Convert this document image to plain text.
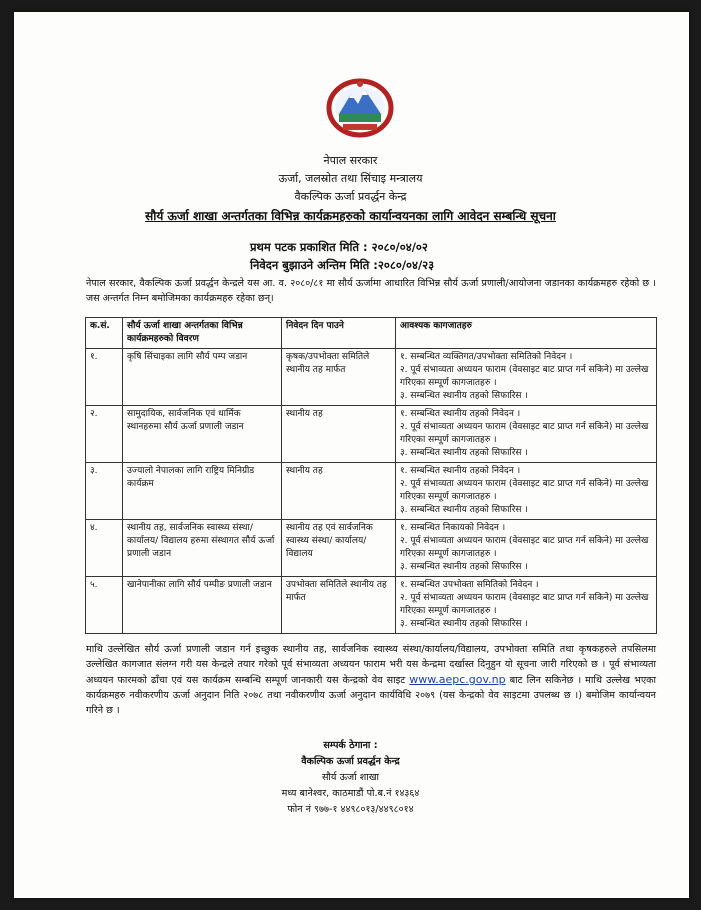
नेपाल सरकार
ऊर्जा, जलस्रोत तथा सिंचाइ मन्त्रालय
वैकल्पिक ऊर्जा प्रवर्द्धन केन्द्र
सौर्य ऊर्जा शाखा अन्तर्गतका विभिन्न कार्यक्रमहरुको कार्यान्वयनका लागि आवेदन सम्बन्धि सूचना
प्रथम पटक प्रकाशित मिति : २०८०/०४/०२
निवेदन बुझाउने अन्तिम मिति :२०८०/०४/२३
नेपाल सरकार, वैकल्पिक ऊर्जा प्रवर्द्धन केन्द्रले यस आ. व. २०८०/८१ मा सौर्य ऊर्जामा आधारित विभिन्न सौर्य ऊर्जा प्रणाली/आयोजना जडानका कार्यक्रमहरु रहेको छ । जस अन्तर्गत निम्न बमोजिमका कार्यक्रमहरु रहेका छन्।
क.सं.	सौर्य ऊर्जा शाखा अन्तर्गतका विभिन्न कार्यक्रमहरुको विवरण	निवेदन दिन पाउने	आवश्यक कागजातहरु
१.	कृषि सिंचाइका लागि सौर्य पम्प जडान	कृषक/उपभोक्ता समितिले स्थानीय तह मार्फत	१. सम्बन्धित व्यक्तिगत/उपभोक्ता समितिको निवेदन ।
२. पूर्व संभाव्यता अध्ययन फाराम (वेवसाइट बाट प्राप्त गर्न सकिने) मा उल्लेख गरिएका सम्पूर्ण कागजातहरु ।
३. सम्बन्धित स्थानीय तहको सिफारिस ।

२.	सामुदायिक, सार्वजनिक एवं धार्मिक स्थानहरुमा सौर्य ऊर्जा प्रणाली जडान	स्थानीय तह	१. सम्बन्धित स्थानीय तहको निवेदन ।
२. पूर्व संभाव्यता अध्ययन फाराम (वेवसाइट बाट प्राप्त गर्न सकिने) मा उल्लेख गरिएका सम्पूर्ण कागजातहरु ।
३. सम्बन्धित स्थानीय तहको सिफारिस ।

३.	उज्यालो नेपालका लागि राष्ट्रिय मिनिग्रीड कार्यक्रम	स्थानीय तह	१. सम्बन्धित स्थानीय तहको निवेदन ।
२. पूर्व संभाव्यता अध्ययन फाराम (वेवसाइट बाट प्राप्त गर्न सकिने) मा उल्लेख गरिएका सम्पूर्ण कागजातहरु ।
३. सम्बन्धित स्थानीय तहको सिफारिस ।

४.	स्थानीय तह, सार्वजनिक स्वास्थ्य संस्था/ कार्यालय/ विद्यालय हरुमा संस्थागत सौर्य ऊर्जा प्रणाली जडान	स्थानीय तह एवं सार्वजनिक स्वास्थ्य संस्था/ कार्यालय/विद्यालय	१. सम्बन्धित निकायको निवेदन ।
२. पूर्व संभाव्यता अध्ययन फाराम (वेवसाइट बाट प्राप्त गर्न सकिने) मा उल्लेख गरिएका सम्पूर्ण कागजातहरु ।
३. सम्बन्धित स्थानीय तहको सिफारिस ।

५.	खानेपानीका लागि सौर्य पम्पीङ प्रणाली जडान	उपभोक्ता समितिले स्थानीय तह मार्फत	१. सम्बन्धित उपभोक्ता समितिको निवेदन ।
२. पूर्व संभाव्यता अध्ययन फाराम (वेवसाइट बाट प्राप्त गर्न सकिने) मा उल्लेख गरिएका सम्पूर्ण कागजातहरु ।
३. सम्बन्धित स्थानीय तहको सिफारिस ।
माथि उल्लेखित सौर्य ऊर्जा प्रणाली जडान गर्न इच्छुक स्थानीय तह, सार्वजनिक स्वास्थ्य संस्था/कार्यालय/विद्यालय, उपभोक्ता समिति तथा कृषकहरुले तपसिलमा उल्लेखित कागजात संलग्न गरी यस केन्द्रले तयार गरेको पूर्व संभाव्यता अध्ययन फाराम भरी यस केन्द्रमा दर्खास्त दिनुहुन यो सूचना जारी गरिएको छ । पूर्व संभाव्यता अध्ययन फारमको ढाँचा एवं यस कार्यक्रम सम्बन्धि सम्पूर्ण जानकारी यस केन्द्रको वेव साइट www.aepc.gov.np बाट लिन सकिनेछ । माथि उल्लेख भएका कार्यक्रमहरु नवीकरणीय ऊर्जा अनुदान निति २०७८ तथा नवीकरणीय ऊर्जा अनुदान कार्यविधि २०७९ (यस केन्द्रको वेव साइटमा उपलब्ध छ ।) बमोजिम कार्यान्वयन गरिने छ ।
सम्पर्क ठेगाना :
वैकल्पिक ऊर्जा प्रवर्द्धन केन्द्र
सौर्य ऊर्जा शाखा
मध्य बानेश्वर, काठमाडौं पो.ब.नं १४३६४
फोन नं ९७७-१ ४४९८०१३/४४९८०१४
